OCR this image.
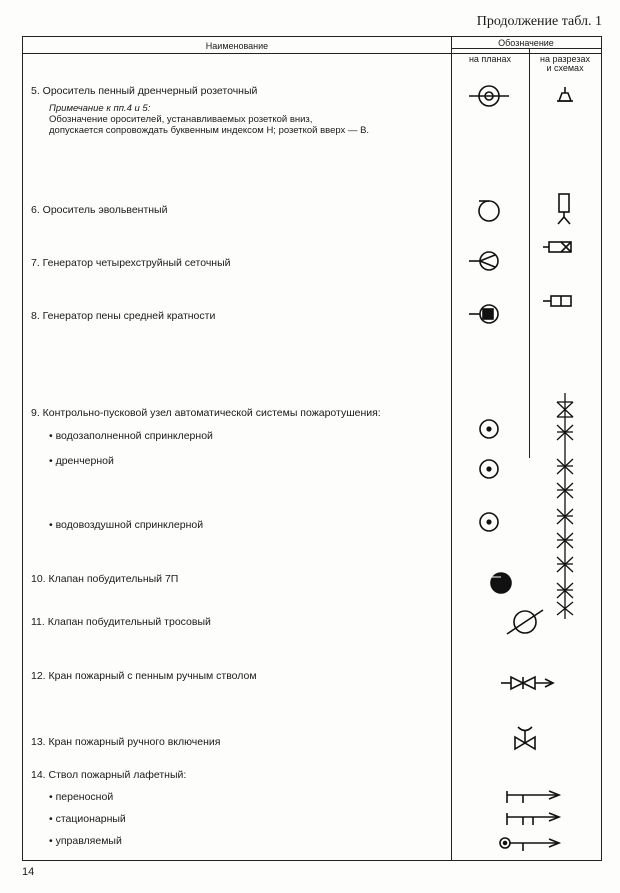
Продолжение табл. 1
Наименование	Обозначение
на планах	на разрезах
и схемах
5. Ороситель пенный дренчерный розеточный
Примечание к пп.4 и 5:
Обозначение оросителей, устанавливаемых розеткой вниз,
допускается сопровождать буквенным индексом Н; розеткой вверх — В.
6. Ороситель эвольвентный
7. Генератор четырехструйный сеточный
8. Генератор пены средней кратности
9. Контрольно-пусковой узел автоматической системы пожаротушения:
• водозаполненной спринклерной
• дренчерной
• водовоздушной спринклерной
10. Клапан побудительный 7П
11. Клапан побудительный тросовый
12. Кран пожарный с пенным ручным стволом
13. Кран пожарный ручного включения
14. Ствол пожарный лафетный:
• переносной
• стационарный
• управляемый
14
